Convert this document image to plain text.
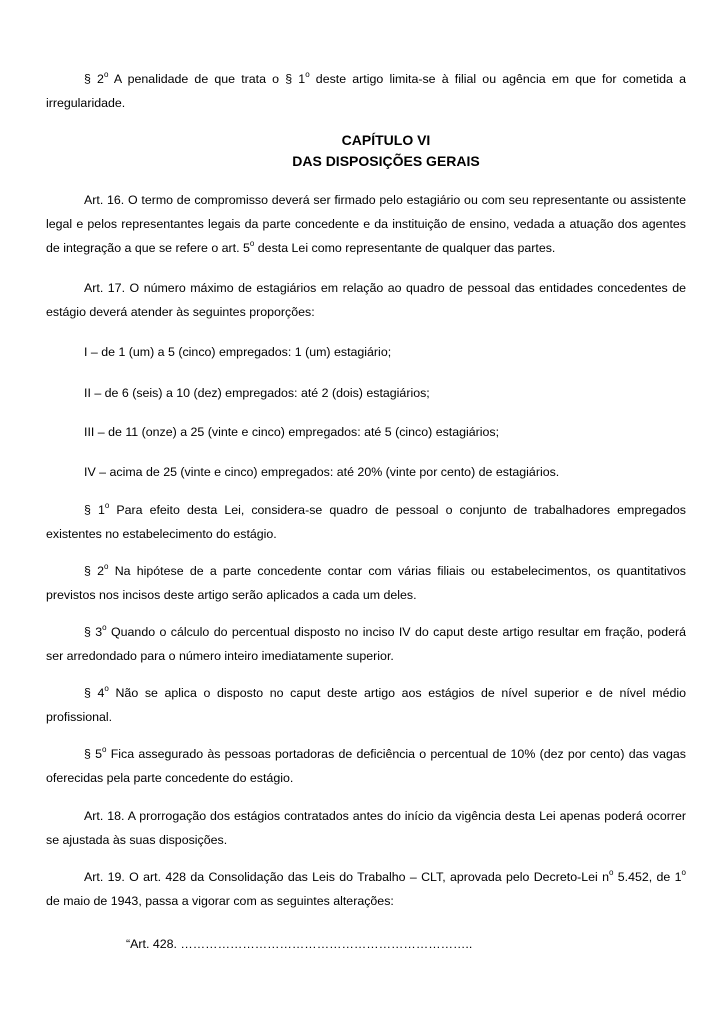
§ 2$^o$ A penalidade de que trata o § 1$^o$ deste artigo limita-se à filial ou agência em que for cometida a irregularidade.

CAPÍTULO VI

DAS DISPOSIÇÕES GERAIS

Art. 16. O termo de compromisso deverá ser firmado pelo estagiário ou com seu representante ou assistente legal e pelos representantes legais da parte concedente e da instituição de ensino, vedada a atuação dos agentes de integração a que se refere o art. 5$^o$ desta Lei como representante de qualquer das partes.

Art. 17. O número máximo de estagiários em relação ao quadro de pessoal das entidades concedentes de estágio deverá atender às seguintes proporções:

I – de 1 (um) a 5 (cinco) empregados: 1 (um) estagiário;

II – de 6 (seis) a 10 (dez) empregados: até 2 (dois) estagiários;

III – de 11 (onze) a 25 (vinte e cinco) empregados: até 5 (cinco) estagiários;

IV – acima de 25 (vinte e cinco) empregados: até 20% (vinte por cento) de estagiários.

§ 1$^o$ Para efeito desta Lei, considera-se quadro de pessoal o conjunto de trabalhadores empregados existentes no estabelecimento do estágio.

§ 2$^o$ Na hipótese de a parte concedente contar com várias filiais ou estabelecimentos, os quantitativos previstos nos incisos deste artigo serão aplicados a cada um deles.

§ 3$^o$ Quando o cálculo do percentual disposto no inciso IV do caput deste artigo resultar em fração, poderá ser arredondado para o número inteiro imediatamente superior.

§ 4$^o$ Não se aplica o disposto no caput deste artigo aos estágios de nível superior e de nível médio profissional.

§ 5$^o$ Fica assegurado às pessoas portadoras de deficiência o percentual de 10% (dez por cento) das vagas oferecidas pela parte concedente do estágio.

Art. 18. A prorrogação dos estágios contratados antes do início da vigência desta Lei apenas poderá ocorrer se ajustada às suas disposições.

Art. 19. O art. 428 da Consolidação das Leis do Trabalho – CLT, aprovada pelo Decreto-Lei $n^o$ 5.452, de 1$^o$ de maio de 1943, passa a vigorar com as seguintes alterações:

“Art. 428. ……………………………………………………………..
